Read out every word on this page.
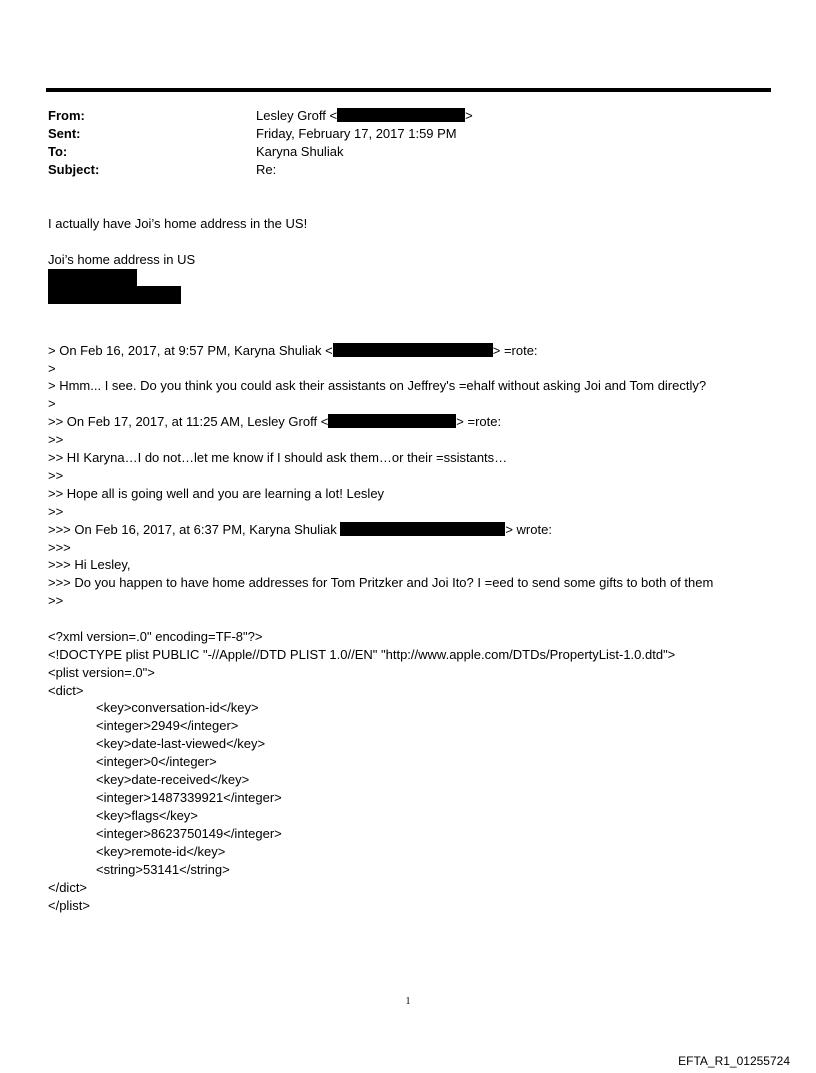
From:	Lesley Groff <	>
Sent:	Friday, February 17, 2017 1:59 PM
To:	Karyna Shuliak
Subject:	Re:
I actually have Joi’s home address in the US!
Joi’s home address in US
> On Feb 16, 2017, at 9:57 PM, Karyna Shuliak <	> =rote:
>
> Hmm... I see. Do you think you could ask their assistants on Jeffrey's =ehalf without asking Joi and Tom directly?
>
>> On Feb 17, 2017, at 11:25 AM, Lesley Groff <	> =rote:
>>
>> HI Karyna…I do not…let me know if I should ask them…or their =ssistants…
>>
>> Hope all is going well and you are learning a lot! Lesley
>>
>>> On Feb 16, 2017, at 6:37 PM, Karyna Shuliak	> wrote:
>>>
>>> Hi Lesley,
>>> Do you happen to have home addresses for Tom Pritzker and Joi Ito? I =eed to send some gifts to both of them
>>
<?xml version=.0" encoding=TF-8"?>
<!DOCTYPE plist PUBLIC "-//Apple//DTD PLIST 1.0//EN" "http://www.apple.com/DTDs/PropertyList-1.0.dtd">
<plist version=.0">
<dict>
<key>conversation-id</key>
<integer>2949</integer>
<key>date-last-viewed</key>
<integer>0</integer>
<key>date-received</key>
<integer>1487339921</integer>
<key>flags</key>
<integer>8623750149</integer>
<key>remote-id</key>
<string>53141</string>
</dict>
</plist>
1
EFTA_R1_01255724
